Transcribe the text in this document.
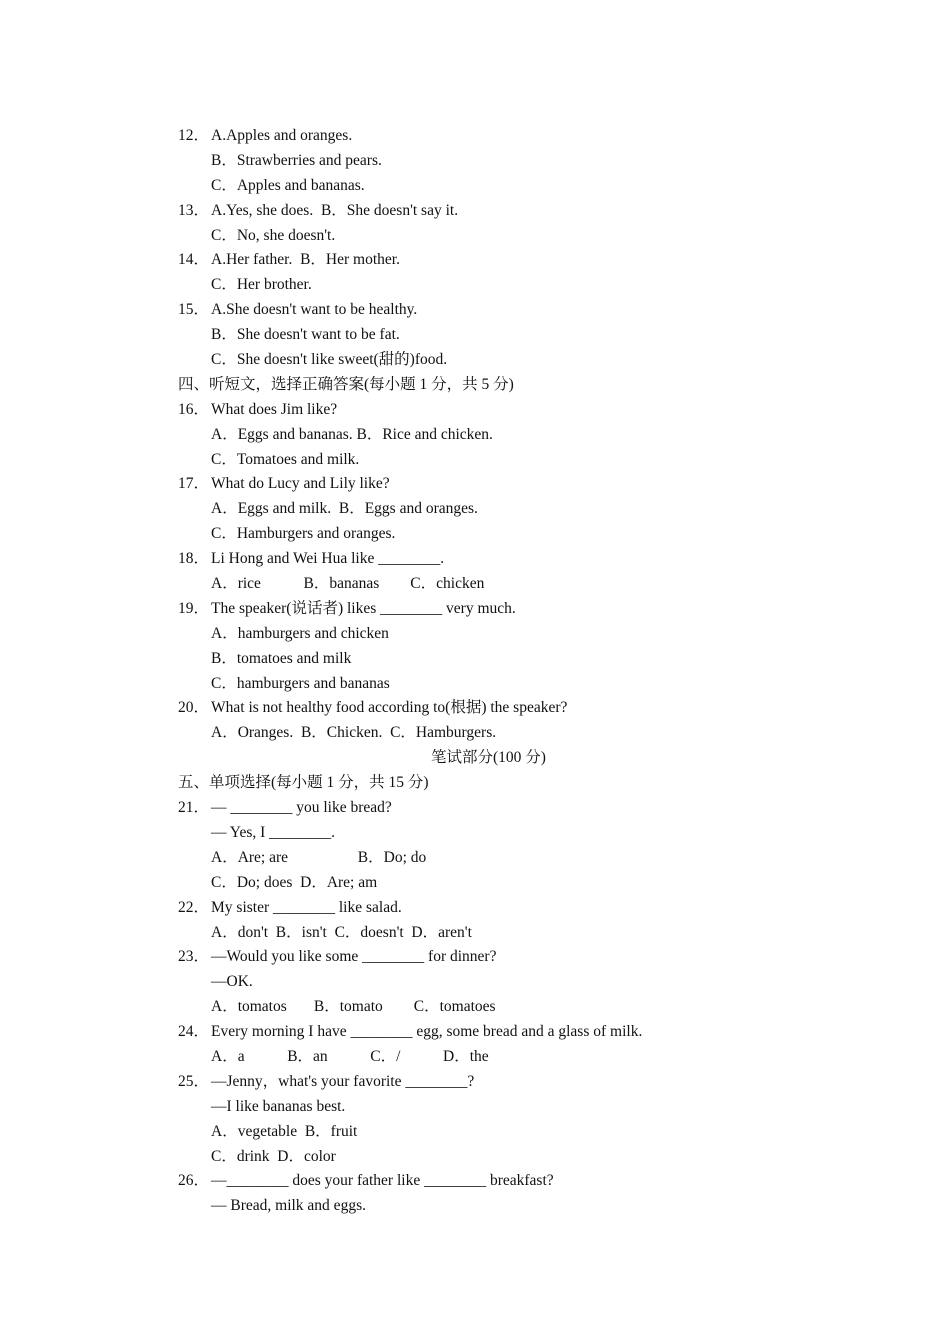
12． A.Apples and oranges.
B．Strawberries and pears.
C．Apples and bananas.
13． A.Yes, she does.  B．She doesn't say it.
C．No, she doesn't.
14． A.Her father.  B．Her mother.
C．Her brother.
15． A.She doesn't want to be healthy.
B．She doesn't want to be fat.
C．She doesn't like sweet(甜的)food.
四、听短文，选择正确答案(每小题 1 分，共 5 分)
16． What does Jim like?
A．Eggs and bananas. B．Rice and chicken.
C．Tomatoes and milk.
17． What do Lucy and Lily like?
A．Eggs and milk.  B．Eggs and oranges.
C．Hamburgers and oranges.
18． Li Hong and Wei Hua like ________.
A．rice           B．bananas        C．chicken
19． The speaker(说话者) likes ________ very much.
A．hamburgers and chicken
B．tomatoes and milk
C．hamburgers and bananas
20． What is not healthy food according to(根据) the speaker?
A．Oranges.  B．Chicken.  C．Hamburgers.
笔试部分(100 分)
五、单项选择(每小题 1 分，共 15 分)
21． — ________ you like bread?
— Yes, I ________.
A．Are; are                  B．Do; do
C．Do; does  D．Are; am
22． My sister ________ like salad.
A．don't  B．isn't  C．doesn't  D．aren't
23． —Would you like some ________ for dinner?
—OK.
A．tomatos       B．tomato        C．tomatoes
24． Every morning I have ________ egg, some bread and a glass of milk.
A．a           B．an           C．/           D．the
25． —Jenny，what's your favorite ________?
—I like bananas best.
A．vegetable  B．fruit
C．drink  D．color
26． —________ does your father like ________ breakfast?
— Bread, milk and eggs.
